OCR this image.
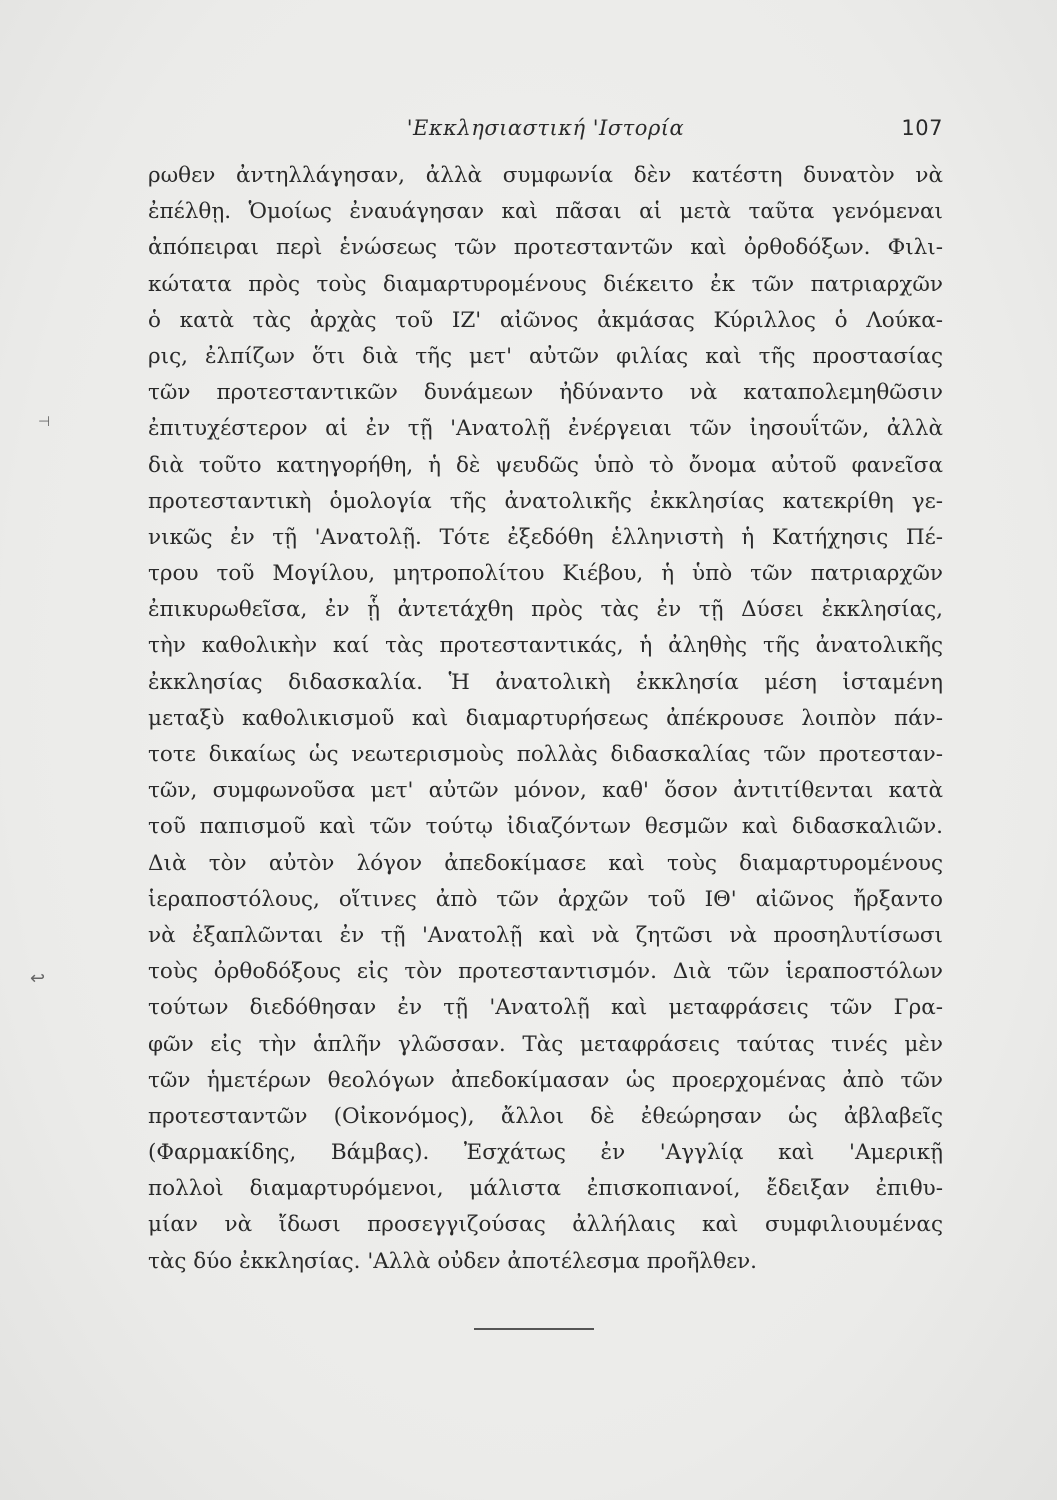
'Εκκλησιαστική 'Ιστορία	107
ρωθεν ἀντηλλάγησαν, ἀλλὰ συμφωνία δὲν κατέστη δυνατὸν νὰ
ἐπέλθῃ. Ὁμοίως ἐναυάγησαν καὶ πᾶσαι αἱ μετὰ ταῦτα γενόμεναι
ἀπόπειραι περὶ ἑνώσεως τῶν προτεσταντῶν καὶ ὀρθοδόξων. Φιλι-
κώτατα πρὸς τοὺς διαμαρτυρομένους διέκειτο ἐκ τῶν πατριαρχῶν
ὁ κατὰ τὰς ἀρχὰς τοῦ ΙΖ' αἰῶνος ἀκμάσας Κύριλλος ὁ Λούκα-
ρις, ἐλπίζων ὅτι διὰ τῆς μετ' αὐτῶν φιλίας καὶ τῆς προστασίας
τῶν προτεσταντικῶν δυνάμεων ἠδύναντο νὰ καταπολεμηθῶσιν
ἐπιτυχέστερον αἱ ἐν τῇ 'Ανατολῇ ἐνέργειαι τῶν ἰησουΐτῶν, ἀλλὰ
διὰ τοῦτο κατηγορήθη, ἡ δὲ ψευδῶς ὑπὸ τὸ ὄνομα αὐτοῦ φανεῖσα
προτεσταντικὴ ὁμολογία τῆς ἀνατολικῆς ἐκκλησίας κατεκρίθη γε-
νικῶς ἐν τῇ 'Ανατολῇ. Τότε ἐξεδόθη ἑλληνιστὴ ἡ Κατήχησις Πέ-
τρου τοῦ Μογίλου, μητροπολίτου Κιέβου, ἡ ὑπὸ τῶν πατριαρχῶν
ἐπικυρωθεῖσα, ἐν ᾗ ἀντετάχθη πρὸς τὰς ἐν τῇ Δύσει ἐκκλησίας,
τὴν καθολικὴν καί τὰς προτεσταντικάς, ἡ ἀληθὴς τῆς ἀνατολικῆς
ἐκκλησίας διδασκαλία. Ἡ ἀνατολικὴ ἐκκλησία μέση ἱσταμένη
μεταξὺ καθολικισμοῦ καὶ διαμαρτυρήσεως ἀπέκρουσε λοιπὸν πάν-
τοτε δικαίως ὡς νεωτερισμοὺς πολλὰς διδασκαλίας τῶν προτεσταν-
τῶν, συμφωνοῦσα μετ' αὐτῶν μόνον, καθ' ὅσον ἀντιτίθενται κατὰ
τοῦ παπισμοῦ καὶ τῶν τούτῳ ἰδιαζόντων θεσμῶν καὶ διδασκαλιῶν.
Διὰ τὸν αὐτὸν λόγον ἀπεδοκίμασε καὶ τοὺς διαμαρτυρομένους
ἱεραποστόλους, οἵτινες ἀπὸ τῶν ἀρχῶν τοῦ ΙΘ' αἰῶνος ἤρξαντο
νὰ ἐξαπλῶνται ἐν τῇ 'Ανατολῇ καὶ νὰ ζητῶσι νὰ προσηλυτίσωσι
τοὺς ὀρθοδόξους εἰς τὸν προτεσταντισμόν. Διὰ τῶν ἱεραποστόλων
τούτων διεδόθησαν ἐν τῇ 'Ανατολῇ καὶ μεταφράσεις τῶν Γρα-
φῶν εἰς τὴν ἁπλῆν γλῶσσαν. Τὰς μεταφράσεις ταύτας τινές μὲν
τῶν ἡμετέρων θεολόγων ἀπεδοκίμασαν ὡς προερχομένας ἀπὸ τῶν
προτεσταντῶν (Οἰκονόμος), ἄλλοι δὲ ἐθεώρησαν ὡς ἀβλαβεῖς
(Φαρμακίδης, Βάμβας). Ἐσχάτως ἐν 'Αγγλίᾳ καὶ 'Αμερικῇ
πολλοὶ διαμαρτυρόμενοι, μάλιστα ἐπισκοπιανοί, ἔδειξαν ἐπιθυ-
μίαν νὰ ἴδωσι προσεγγιζούσας ἀλλήλαις καὶ συμφιλιουμένας
τὰς δύο ἐκκλησίας. 'Αλλὰ οὐδεν ἀποτέλεσμα προῆλθεν.
⊣
↩
